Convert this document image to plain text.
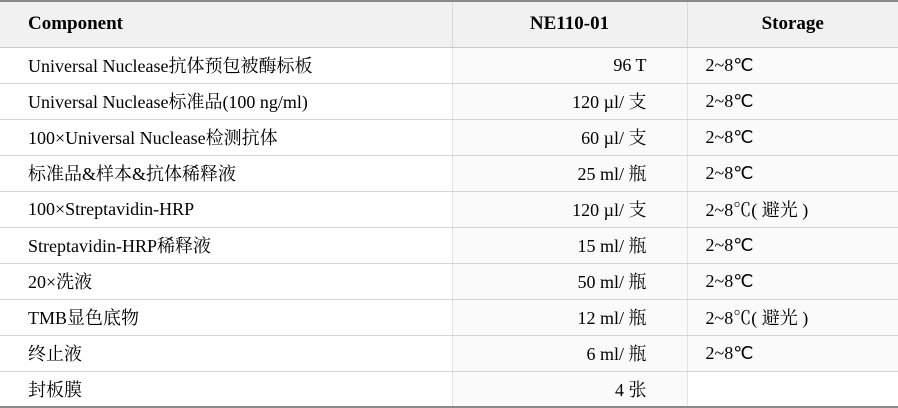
Component	NE110-01	Storage
Universal Nuclease抗体预包被酶标板	96 T	2~8℃
Universal Nuclease标准品(100 ng/ml)	120 µl/ 支	2~8℃
100×Universal Nuclease检测抗体	60 µl/ 支	2~8℃
标准品&样本&抗体稀释液	25 ml/ 瓶	2~8℃
100×Streptavidin-HRP	120 µl/ 支	2~8℃( 避光 )
Streptavidin-HRP稀释液	15 ml/ 瓶	2~8℃
20×洗液	50 ml/ 瓶	2~8℃
TMB显色底物	12 ml/ 瓶	2~8℃( 避光 )
终止液	6 ml/ 瓶	2~8℃
封板膜	4 张	
